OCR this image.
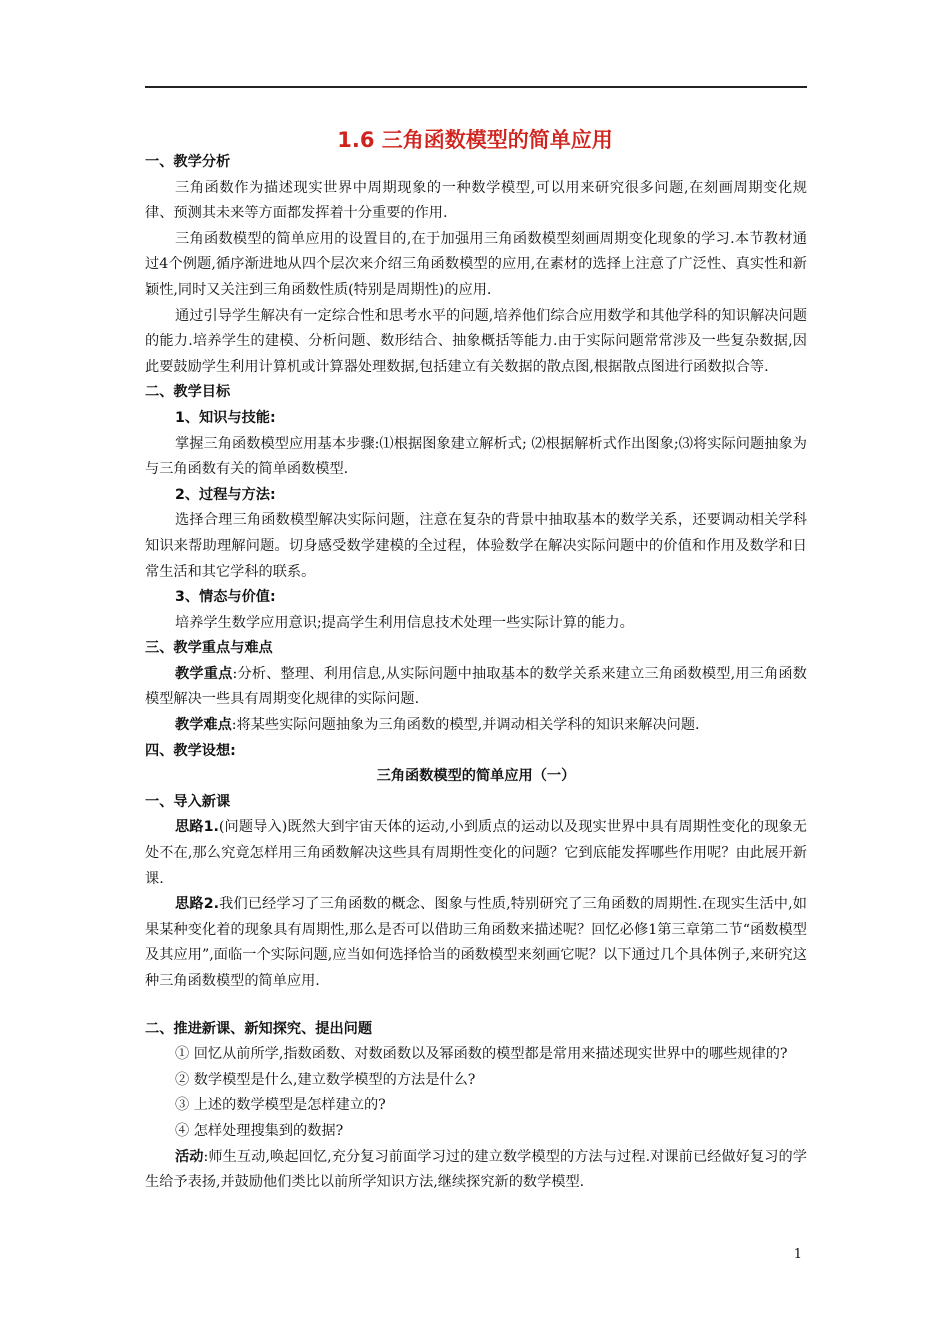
1.6 三角函数模型的简单应用

一、教学分析

三角函数作为描述现实世界中周期现象的一种数学模型,可以用来研究很多问题,在刻画周期变化规律、预测其未来等方面都发挥着十分重要的作用.

三角函数模型的简单应用的设置目的,在于加强用三角函数模型刻画周期变化现象的学习.本节教材通过4个例题,循序渐进地从四个层次来介绍三角函数模型的应用,在素材的选择上注意了广泛性、真实性和新颖性,同时又关注到三角函数性质(特别是周期性)的应用.

通过引导学生解决有一定综合性和思考水平的问题,培养他们综合应用数学和其他学科的知识解决问题的能力.培养学生的建模、分析问题、数形结合、抽象概括等能力.由于实际问题常常涉及一些复杂数据,因此要鼓励学生利用计算机或计算器处理数据,包括建立有关数据的散点图,根据散点图进行函数拟合等.

二、教学目标

1、知识与技能:

掌握三角函数模型应用基本步骤:⑴根据图象建立解析式; ⑵根据解析式作出图象;⑶将实际问题抽象为与三角函数有关的简单函数模型.

2、过程与方法:

选择合理三角函数模型解决实际问题，注意在复杂的背景中抽取基本的数学关系，还要调动相关学科知识来帮助理解问题。切身感受数学建模的全过程，体验数学在解决实际问题中的价值和作用及数学和日常生活和其它学科的联系。

3、情态与价值:

培养学生数学应用意识;提高学生利用信息技术处理一些实际计算的能力。

三、教学重点与难点

教学重点:分析、整理、利用信息,从实际问题中抽取基本的数学关系来建立三角函数模型,用三角函数模型解决一些具有周期变化规律的实际问题.

教学难点:将某些实际问题抽象为三角函数的模型,并调动相关学科的知识来解决问题.

四、教学设想:

三角函数模型的简单应用（一）

一、导入新课

思路1.(问题导入)既然大到宇宙天体的运动,小到质点的运动以及现实世界中具有周期性变化的现象无处不在,那么究竟怎样用三角函数解决这些具有周期性变化的问题？它到底能发挥哪些作用呢？由此展开新课.

思路2.我们已经学习了三角函数的概念、图象与性质,特别研究了三角函数的周期性.在现实生活中,如果某种变化着的现象具有周期性,那么是否可以借助三角函数来描述呢？回忆必修1第三章第二节“函数模型及其应用”,面临一个实际问题,应当如何选择恰当的函数模型来刻画它呢？以下通过几个具体例子,来研究这种三角函数模型的简单应用.

二、推进新课、新知探究、提出问题

① 回忆从前所学,指数函数、对数函数以及幂函数的模型都是常用来描述现实世界中的哪些规律的?

② 数学模型是什么,建立数学模型的方法是什么?

③ 上述的数学模型是怎样建立的?

④ 怎样处理搜集到的数据?

活动:师生互动,唤起回忆,充分复习前面学习过的建立数学模型的方法与过程.对课前已经做好复习的学生给予表扬,并鼓励他们类比以前所学知识方法,继续探究新的数学模型.

1
